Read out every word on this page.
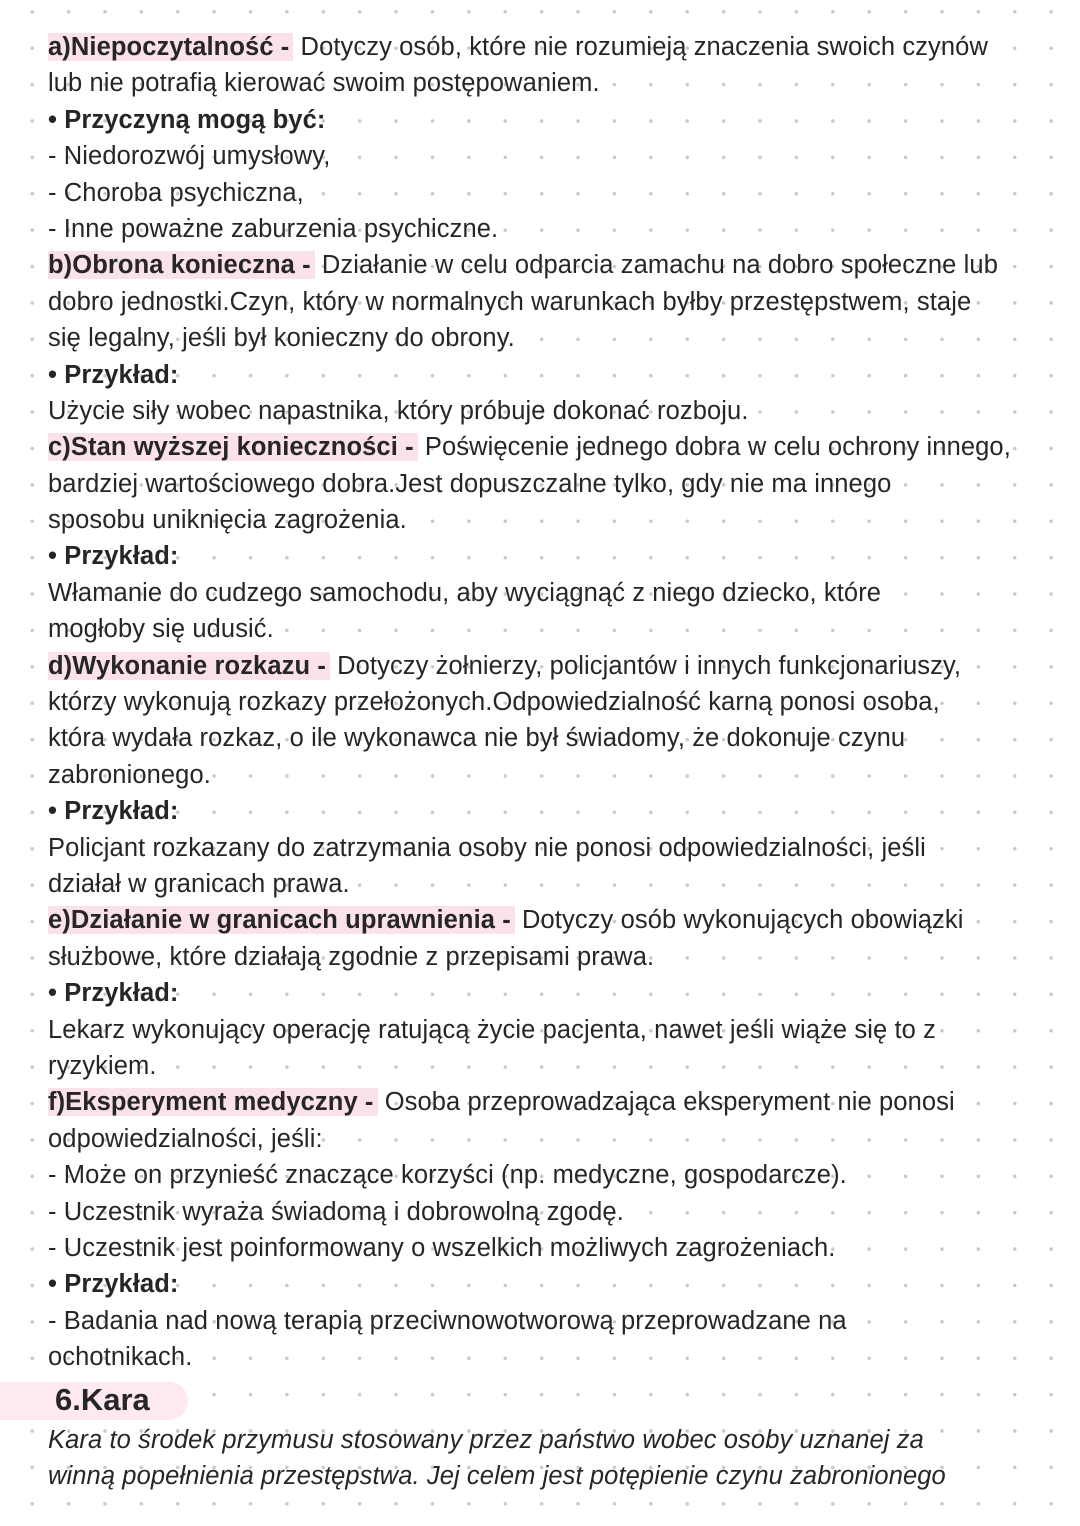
a)Niepoczytalność - Dotyczy osób, które nie rozumieją znaczenia swoich czynów
lub nie potrafią kierować swoim postępowaniem.
• Przyczyną mogą być:
- Niedorozwój umysłowy,
- Choroba psychiczna,
- Inne poważne zaburzenia psychiczne.
b)Obrona konieczna - Działanie w celu odparcia zamachu na dobro społeczne lub
dobro jednostki.Czyn, który w normalnych warunkach byłby przestępstwem, staje
się legalny, jeśli był konieczny do obrony.
• Przykład:
Użycie siły wobec napastnika, który próbuje dokonać rozboju.
c)Stan wyższej konieczności - Poświęcenie jednego dobra w celu ochrony innego,
bardziej wartościowego dobra.Jest dopuszczalne tylko, gdy nie ma innego
sposobu uniknięcia zagrożenia.
• Przykład:
Włamanie do cudzego samochodu, aby wyciągnąć z niego dziecko, które
mogłoby się udusić.
d)Wykonanie rozkazu - Dotyczy żołnierzy, policjantów i innych funkcjonariuszy,
którzy wykonują rozkazy przełożonych.Odpowiedzialność karną ponosi osoba,
która wydała rozkaz, o ile wykonawca nie był świadomy, że dokonuje czynu
zabronionego.
• Przykład:
Policjant rozkazany do zatrzymania osoby nie ponosi odpowiedzialności, jeśli
działał w granicach prawa.
e)Działanie w granicach uprawnienia - Dotyczy osób wykonujących obowiązki
służbowe, które działają zgodnie z przepisami prawa.
• Przykład:
Lekarz wykonujący operację ratującą życie pacjenta, nawet jeśli wiąże się to z
ryzykiem.
f)Eksperyment medyczny - Osoba przeprowadzająca eksperyment nie ponosi
odpowiedzialności, jeśli:
- Może on przynieść znaczące korzyści (np. medyczne, gospodarcze).
- Uczestnik wyraża świadomą i dobrowolną zgodę.
- Uczestnik jest poinformowany o wszelkich możliwych zagrożeniach.
• Przykład:
- Badania nad nową terapią przeciwnowotworową przeprowadzane na
ochotnikach.
6.Kara
Kara to środek przymusu stosowany przez państwo wobec osoby uznanej za
winną popełnienia przestępstwa. Jej celem jest potępienie czynu zabronionego
